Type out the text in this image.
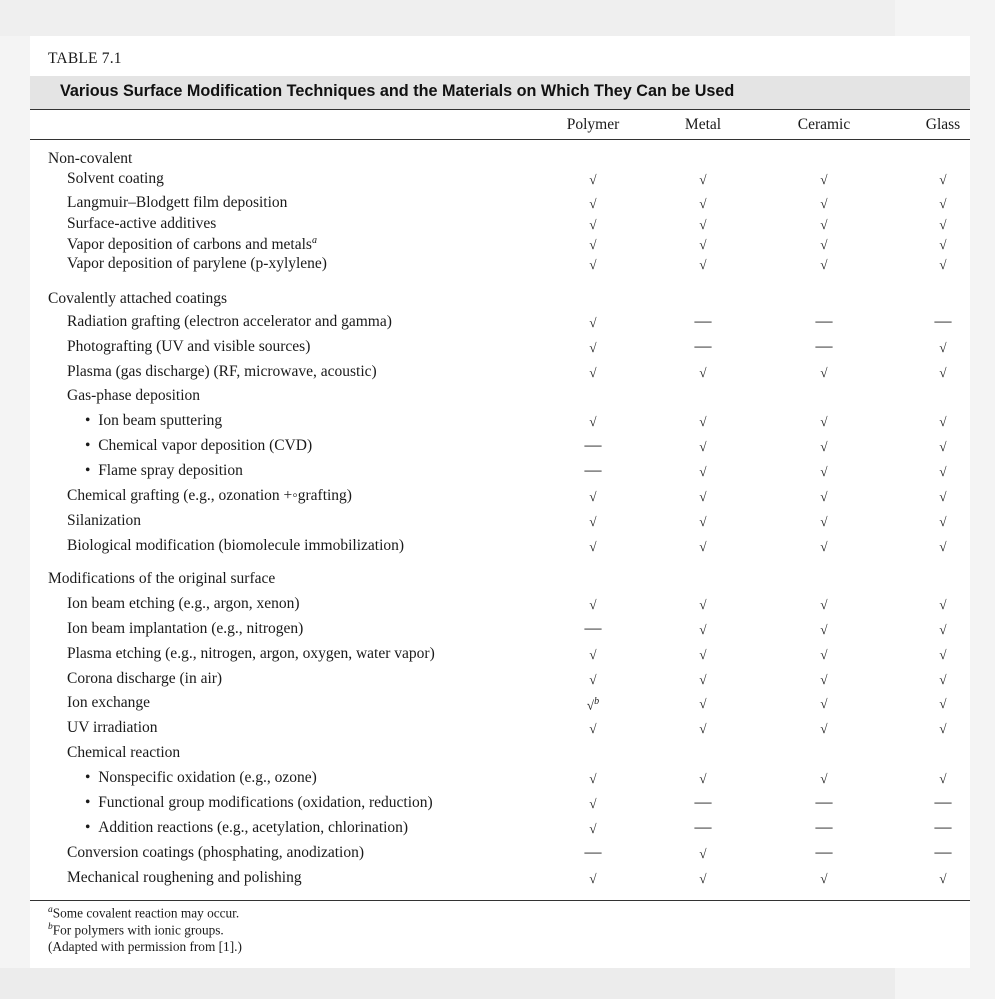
TABLE 7.1
Various Surface Modification Techniques and the Materials on Which They Can be Used
Polymer	Metal	Ceramic	Glass
Non-covalent
Solvent coating	√	√	√	√
Langmuir–Blodgett film deposition	√	√	√	√
Surface-active additives	√	√	√	√
Vapor deposition of carbons and metals$^a$	√	√	√	√
Vapor deposition of parylene (p-xylylene)	√	√	√	√
Covalently attached coatings
Radiation grafting (electron accelerator and gamma)	√	—	—	—
Photografting (UV and visible sources)	√	—	—	√
Plasma (gas discharge) (RF, microwave, acoustic)	√	√	√	√
Gas-phase deposition
•  Ion beam sputtering	√	√	√	√
•  Chemical vapor deposition (CVD)	—	√	√	√
•  Flame spray deposition	—	√	√	√
Chemical grafting (e.g., ozonation +◦grafting)	√	√	√	√
Silanization	√	√	√	√
Biological modification (biomolecule immobilization)	√	√	√	√
Modifications of the original surface
Ion beam etching (e.g., argon, xenon)	√	√	√	√
Ion beam implantation (e.g., nitrogen)	—	√	√	√
Plasma etching (e.g., nitrogen, argon, oxygen, water vapor)	√	√	√	√
Corona discharge (in air)	√	√	√	√
Ion exchange	√$^b$	√	√	√
UV irradiation	√	√	√	√
Chemical reaction
•  Nonspecific oxidation (e.g., ozone)	√	√	√	√
•  Functional group modifications (oxidation, reduction)	√	—	—	—
•  Addition reactions (e.g., acetylation, chlorination)	√	—	—	—
Conversion coatings (phosphating, anodization)	—	√	—	—
Mechanical roughening and polishing	√	√	√	√
$^a$Some covalent reaction may occur.
$^b$For polymers with ionic groups.
(Adapted with permission from [1].)
